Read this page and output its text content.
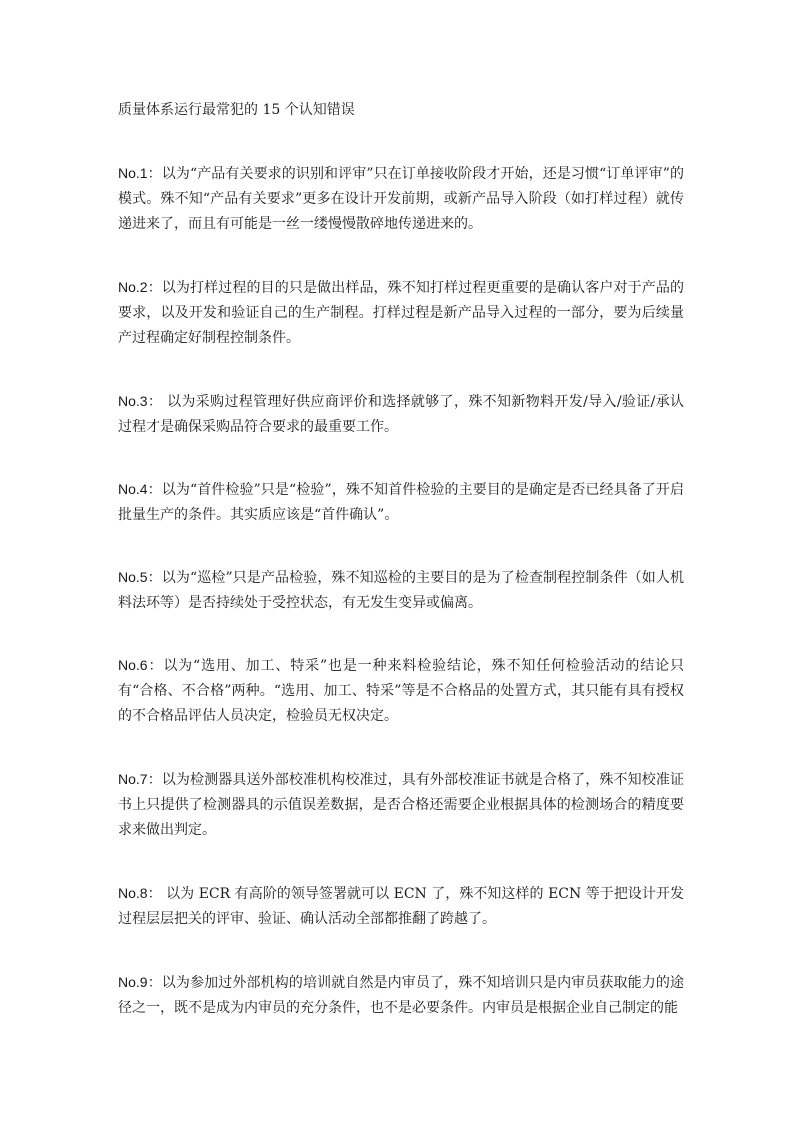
质量体系运行最常犯的 15 个认知错误

No.1：以为“产品有关要求的识别和评审”只在订单接收阶段才开始，还是习惯“订单评审”的模式。殊不知“产品有关要求”更多在设计开发前期，或新产品导入阶段（如打样过程）就传递进来了，而且有可能是一丝一缕慢慢散碎地传递进来的。

No.2：以为打样过程的目的只是做出样品，殊不知打样过程更重要的是确认客户对于产品的要求，以及开发和验证自己的生产制程。打样过程是新产品导入过程的一部分，要为后续量产过程确定好制程控制条件。

No.3： 以为采购过程管理好供应商评价和选择就够了，殊不知新物料开发/导入/验证/承认过程才是确保采购品符合要求的最重要工作。

No.4：以为“首件检验”只是“检验”，殊不知首件检验的主要目的是确定是否已经具备了开启批量生产的条件。其实质应该是“首件确认”。

No.5：以为“巡检”只是产品检验，殊不知巡检的主要目的是为了检查制程控制条件（如人机料法环等）是否持续处于受控状态，有无发生变异或偏离。

No.6：以为“选用、加工、特采”也是一种来料检验结论，殊不知任何检验活动的结论只有“合格、不合格”两种。“选用、加工、特采”等是不合格品的处置方式，其只能有具有授权的不合格品评估人员决定，检验员无权决定。

No.7：以为检测器具送外部校准机构校准过，具有外部校准证书就是合格了，殊不知校准证书上只提供了检测器具的示值误差数据，是否合格还需要企业根据具体的检测场合的精度要求来做出判定。

No.8： 以为 ECR 有高阶的领导签署就可以 ECN 了，殊不知这样的 ECN 等于把设计开发过程层层把关的评审、验证、确认活动全部都推翻了跨越了。

No.9：以为参加过外部机构的培训就自然是内审员了，殊不知培训只是内审员获取能力的途径之一，既不是成为内审员的充分条件，也不是必要条件。内审员是根据企业自己制定的能
